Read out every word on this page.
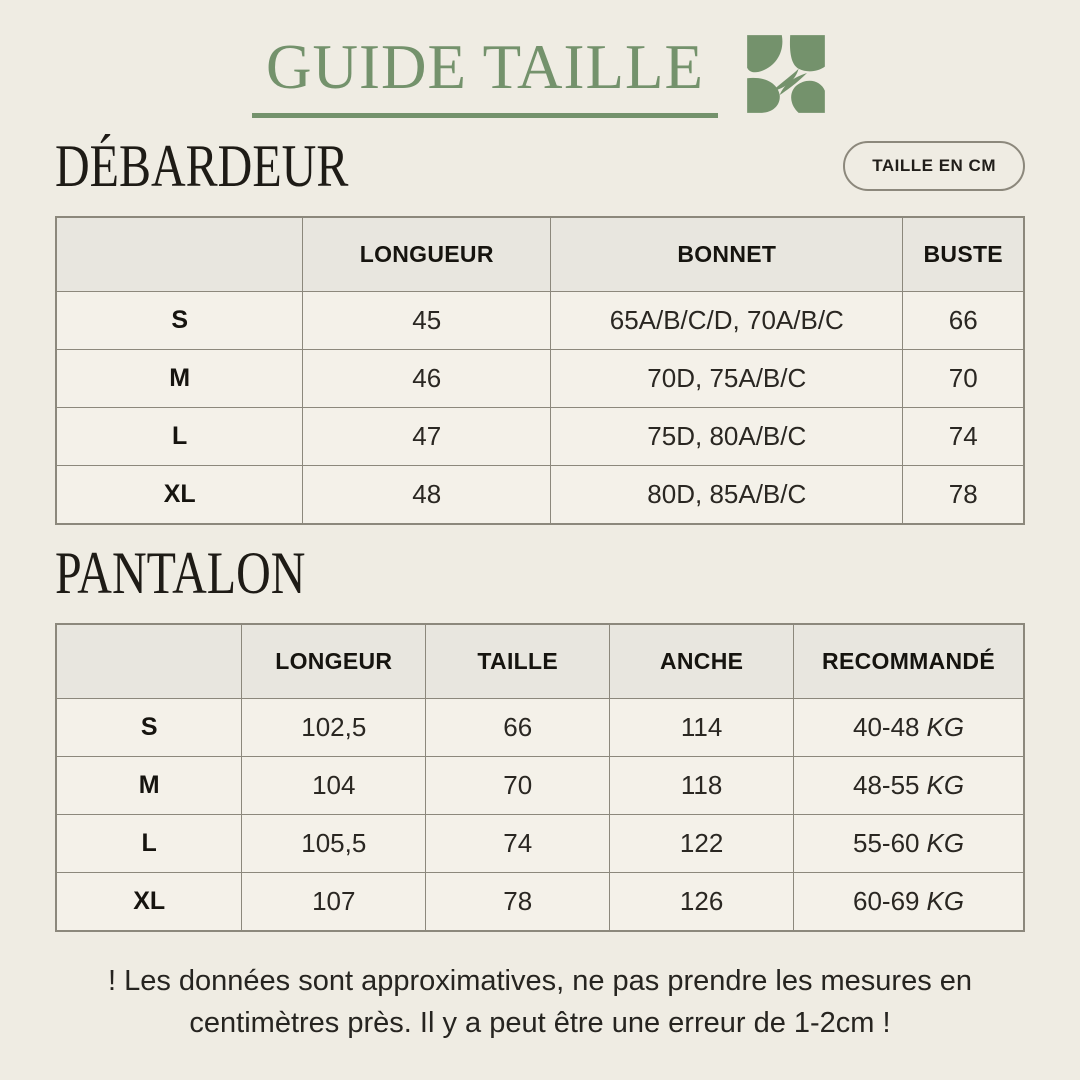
GUIDE TAILLE
DÉBARDEUR	TAILLE EN CM
	LONGUEUR	BONNET	BUSTE
S	45	65A/B/C/D, 70A/B/C	66
M	46	70D, 75A/B/C	70
L	47	75D, 80A/B/C	74
XL	48	80D, 85A/B/C	78
PANTALON
	LONGEUR	TAILLE	ANCHE	RECOMMANDÉ
S	102,5	66	114	40-48 KG
M	104	70	118	48-55 KG
L	105,5	74	122	55-60 KG
XL	107	78	126	60-69 KG
! Les données sont approximatives, ne pas prendre les mesures en
centimètres près. Il y a peut être une erreur de 1-2cm !
